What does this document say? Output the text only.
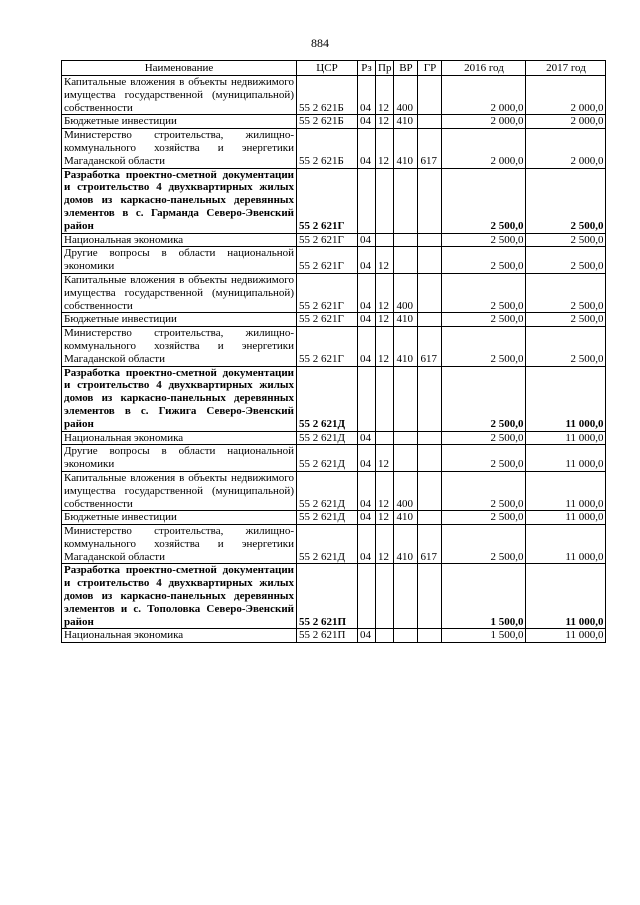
884
Наименование	ЦСР	Рз	Пр	ВР	ГР	2016 год	2017 год
Капитальные вложения в объекты недвижимого имущества государственной (муниципальной) собственности	55 2 621Б	04	12	400		2 000,0	2 000,0
Бюджетные инвестиции	55 2 621Б	04	12	410		2 000,0	2 000,0
Министерство строительства, жилищно-коммунального хозяйства и энергетики Магаданской области	55 2 621Б	04	12	410	617	2 000,0	2 000,0
Разработка проектно-сметной документации и строительство 4 двухквартирных жилых домов из каркасно-панельных деревянных элементов в с. Гарманда Северо-Эвенский район	55 2 621Г					2 500,0	2 500,0
Национальная экономика	55 2 621Г	04				2 500,0	2 500,0
Другие вопросы в области национальной экономики	55 2 621Г	04	12			2 500,0	2 500,0
Капитальные вложения в объекты недвижимого имущества государственной (муниципальной) собственности	55 2 621Г	04	12	400		2 500,0	2 500,0
Бюджетные инвестиции	55 2 621Г	04	12	410		2 500,0	2 500,0
Министерство строительства, жилищно-коммунального хозяйства и энергетики Магаданской области	55 2 621Г	04	12	410	617	2 500,0	2 500,0
Разработка проектно-сметной документации и строительство 4 двухквартирных жилых домов из каркасно-панельных деревянных элементов в с. Гижига Северо-Эвенский район	55 2 621Д					2 500,0	11 000,0
Национальная экономика	55 2 621Д	04				2 500,0	11 000,0
Другие вопросы в области национальной экономики	55 2 621Д	04	12			2 500,0	11 000,0
Капитальные вложения в объекты недвижимого имущества государственной (муниципальной) собственности	55 2 621Д	04	12	400		2 500,0	11 000,0
Бюджетные инвестиции	55 2 621Д	04	12	410		2 500,0	11 000,0
Министерство строительства, жилищно-коммунального хозяйства и энергетики Магаданской области	55 2 621Д	04	12	410	617	2 500,0	11 000,0
Разработка проектно-сметной документации и строительство 4 двухквартирных жилых домов из каркасно-панельных деревянных элементов и с. Тополовка Северо-Эвенский район	55 2 621П					1 500,0	11 000,0
Национальная экономика	55 2 621П	04				1 500,0	11 000,0
